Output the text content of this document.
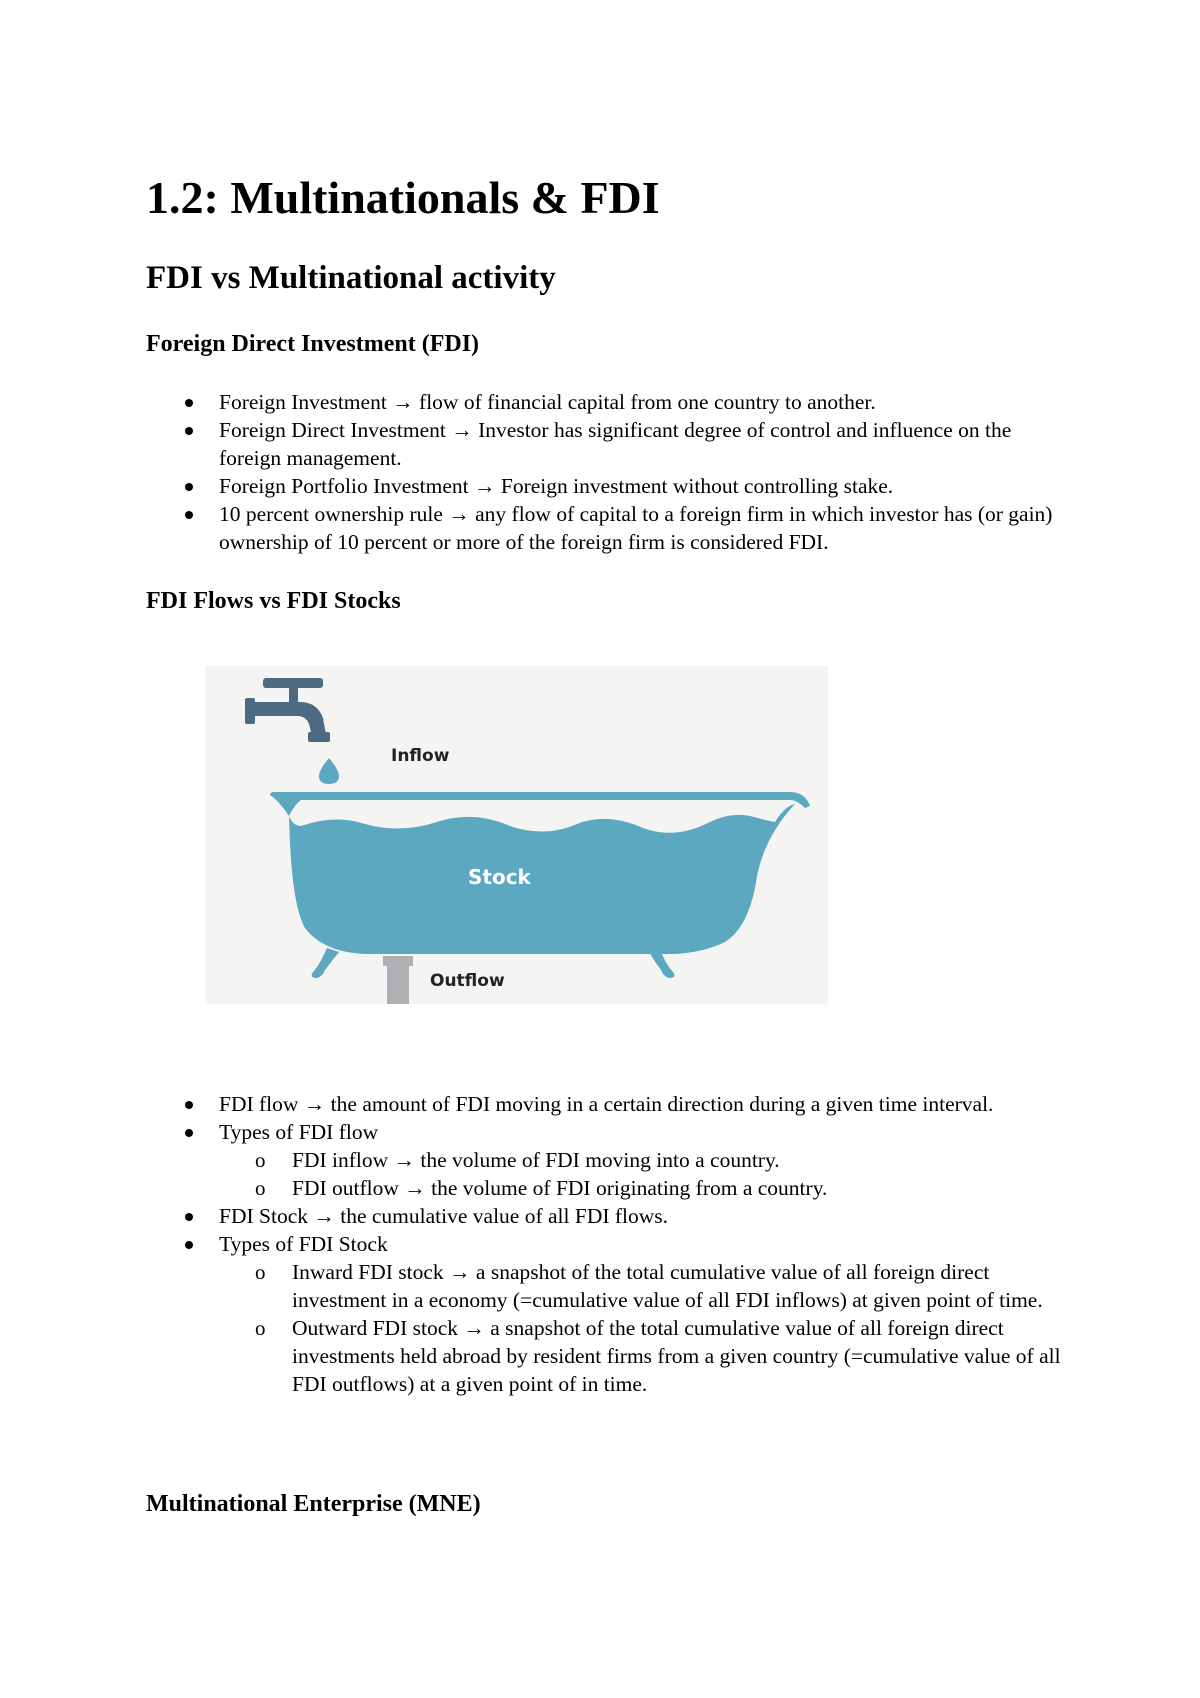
1.2: Multinationals & FDI
FDI vs Multinational activity
Foreign Direct Investment (FDI)
Foreign Investment → flow of financial capital from one country to another.
Foreign Direct Investment → Investor has significant degree of control and influence on the foreign management.
Foreign Portfolio Investment → Foreign investment without controlling stake.
10 percent ownership rule → any flow of capital to a foreign firm in which investor has (or gain) ownership of 10 percent or more of the foreign firm is considered FDI.
FDI Flows vs FDI Stocks
FDI flow → the amount of FDI moving in a certain direction during a given time interval.
Types of FDI flow
o FDI inflow → the volume of FDI moving into a country.
o FDI outflow → the volume of FDI originating from a country.
FDI Stock → the cumulative value of all FDI flows.
Types of FDI Stock
o Inward FDI stock → a snapshot of the total cumulative value of all foreign direct investment in a economy (=cumulative value of all FDI inflows) at given point of time.
o Outward FDI stock → a snapshot of the total cumulative value of all foreign direct investments held abroad by resident firms from a given country (=cumulative value of all FDI outflows) at a given point of in time.
Multinational Enterprise (MNE)
Inflow
Stock
Outflow
